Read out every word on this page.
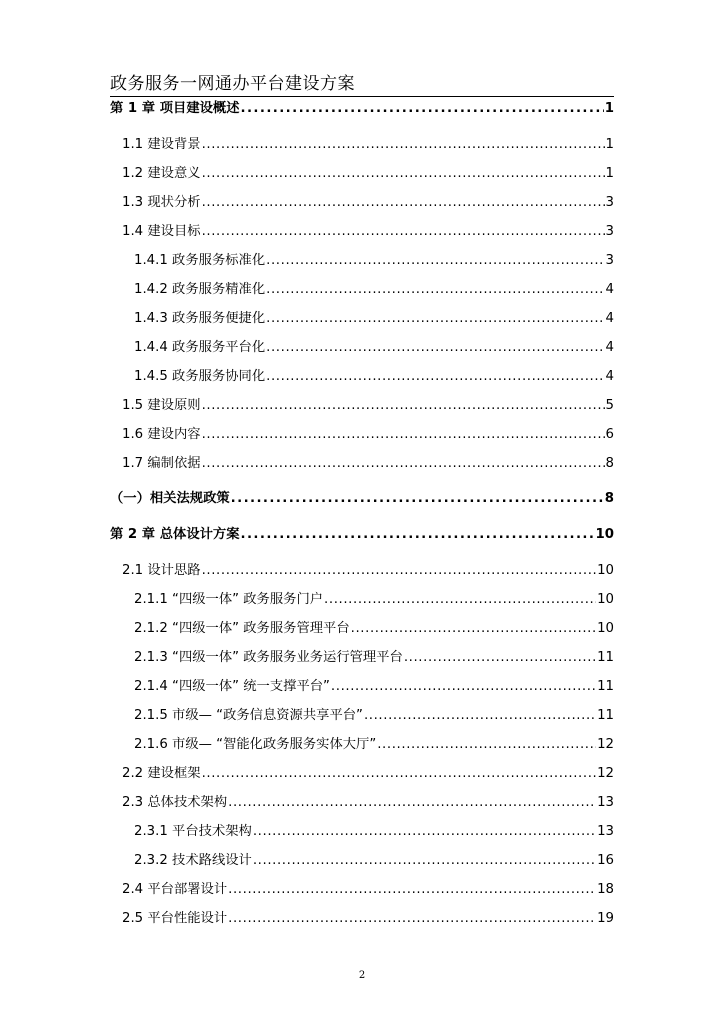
政务服务一网通办平台建设方案
第 1 章 项目建设概述 .....	1
1.1 建设背景 .....	1
1.2 建设意义 .....	1
1.3 现状分析 .....	3
1.4 建设目标 .....	3
1.4.1 政务服务标准化 .....	3
1.4.2 政务服务精准化 .....	4
1.4.3 政务服务便捷化 .....	4
1.4.4 政务服务平台化 .....	4
1.4.5 政务服务协同化 .....	4
1.5 建设原则 .....	5
1.6 建设内容 .....	6
1.7 编制依据 .....	8
（一）相关法规政策 .....	8
第 2 章 总体设计方案 .....	10
2.1 设计思路 .....	10
2.1.1 “四级一体” 政务服务门户 .....	10
2.1.2 “四级一体” 政务服务管理平台 .....	10
2.1.3 “四级一体” 政务服务业务运行管理平台 .....	11
2.1.4 “四级一体” 统一支撑平台” .....	11
2.1.5 市级— “政务信息资源共享平台” .....	11
2.1.6 市级— “智能化政务服务实体大厅” .....	12
2.2 建设框架 .....	12
2.3 总体技术架构 .....	13
2.3.1 平台技术架构 .....	13
2.3.2 技术路线设计 .....	16
2.4 平台部署设计 .....	18
2.5 平台性能设计 .....	19
2
